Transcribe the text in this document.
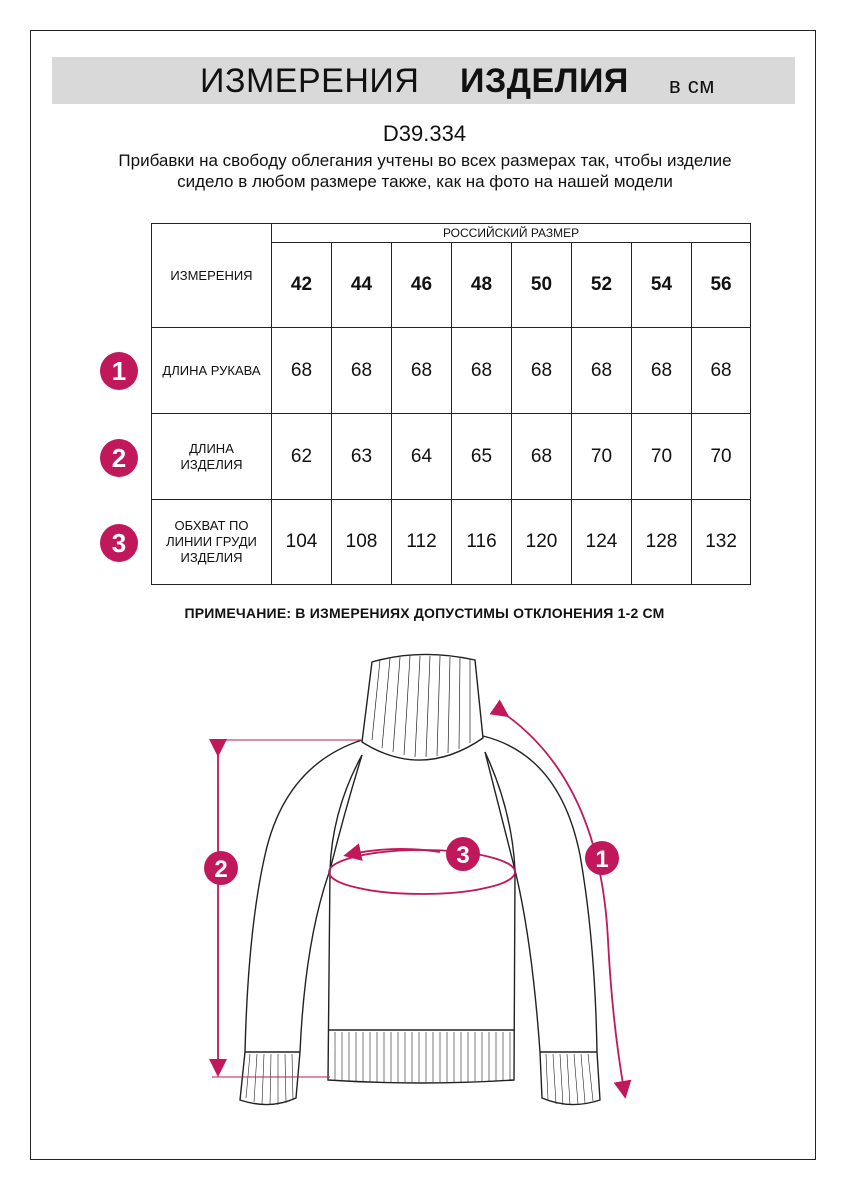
ИЗМЕРЕНИЯ ИЗДЕЛИЯ в см
D39.334
Прибавки на свободу облегания учтены во всех размерах так, чтобы изделие сидело в любом размере также, как на фото на нашей модели
ИЗМЕРЕНИЯ	РОССИЙСКИЙ РАЗМЕР							
	42	44	46	48	50	52	54	56
ДЛИНА РУКАВА	68	68	68	68	68	68	68	68
ДЛИНА
ИЗДЕЛИЯ	62	63	64	65	68	70	70	70
ОБХВАТ ПО
ЛИНИИ ГРУДИ
ИЗДЕЛИЯ	104	108	112	116	120	124	128	132
1
2
3
ПРИМЕЧАНИЕ: В ИЗМЕРЕНИЯХ ДОПУСТИМЫ ОТКЛОНЕНИЯ 1-2 СМ
2
3	1
